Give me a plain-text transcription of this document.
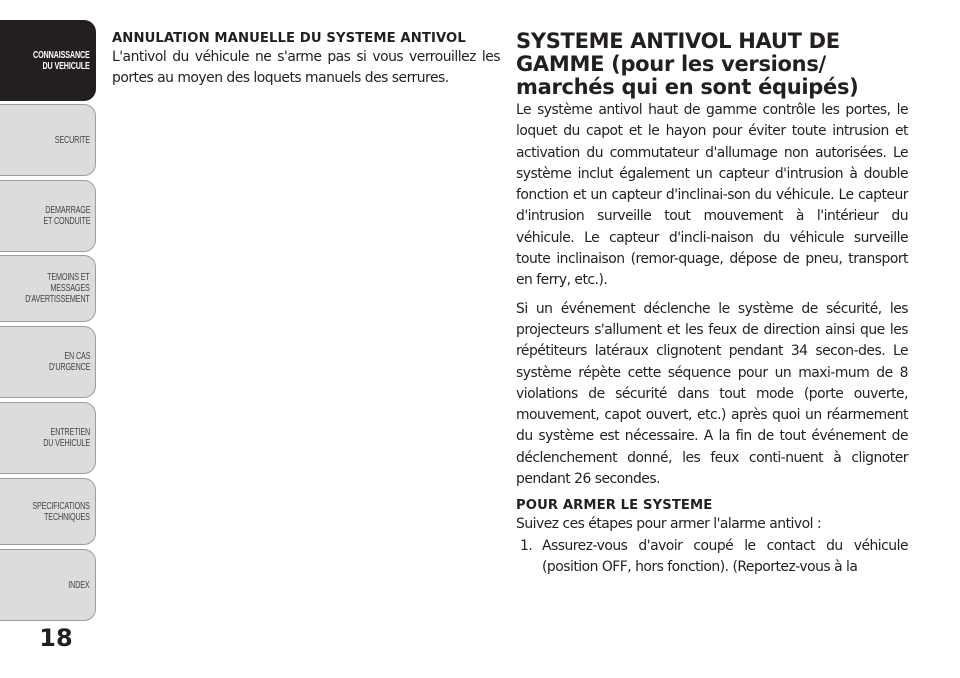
CONNAISSANCE
DU VEHICULE
SECURITE
DEMARRAGE
ET CONDUITE
TEMOINS ET
MESSAGES
D'AVERTISSEMENT
EN CAS
D'URGENCE
ENTRETIEN
DU VEHICULE
SPECIFICATIONS
TECHNIQUES
INDEX
18
ANNULATION MANUELLE DU SYSTEME ANTIVOL

L'antivol du véhicule ne s'arme pas si vous verrouillez les portes au moyen des loquets manuels des serrures.

SYSTEME ANTIVOL HAUT DE GAMME (pour les versions/ marchés qui en sont équipés)

Le système antivol haut de gamme contrôle les portes, le loquet du capot et le hayon pour éviter toute intrusion et activation du commutateur d'allumage non autorisées. Le système inclut également un capteur d'intrusion à double fonction et un capteur d'inclinai-son du véhicule. Le capteur d'intrusion surveille tout mouvement à l'intérieur du véhicule. Le capteur d'incli-naison du véhicule surveille toute inclinaison (remor-quage, dépose de pneu, transport en ferry, etc.).

Si un événement déclenche le système de sécurité, les projecteurs s'allument et les feux de direction ainsi que les répétiteurs latéraux clignotent pendant 34 secon-des. Le système répète cette séquence pour un maxi-mum de 8 violations de sécurité dans tout mode (porte ouverte, mouvement, capot ouvert, etc.) après quoi un réarmement du système est nécessaire. A la fin de tout événement de déclenchement donné, les feux conti-nuent à clignoter pendant 26 secondes.

POUR ARMER LE SYSTEME

Suivez ces étapes pour armer l'alarme antivol :

1. Assurez-vous d'avoir coupé le contact du véhicule (position OFF, hors fonction). (Reportez-vous à la
